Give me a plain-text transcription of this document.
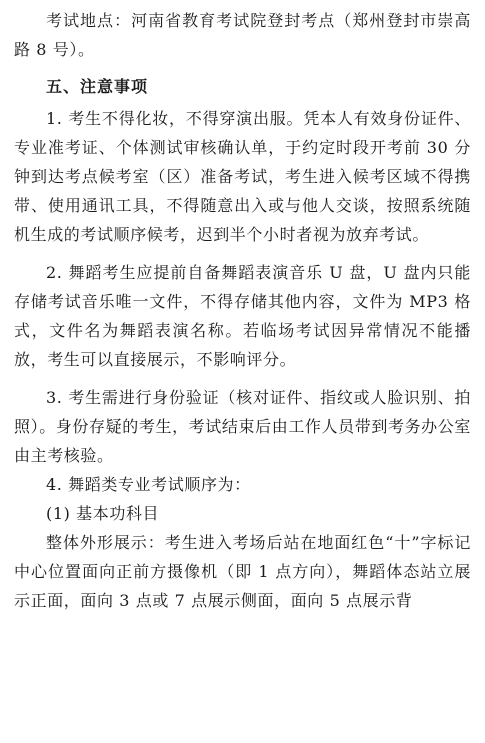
考试地点：河南省教育考试院登封考点（郑州登封市崇高路 8 号）。

五、注意事项

1. 考生不得化妆，不得穿演出服。凭本人有效身份证件、专业准考证、个体测试审核确认单，于约定时段开考前 30 分钟到达考点候考室（区）准备考试，考生进入候考区域不得携带、使用通讯工具，不得随意出入或与他人交谈，按照系统随机生成的考试顺序候考，迟到半个小时者视为放弃考试。

2. 舞蹈考生应提前自备舞蹈表演音乐 U 盘，U 盘内只能存储考试音乐唯一文件，不得存储其他内容，文件为 MP3 格式，文件名为舞蹈表演名称。若临场考试因异常情况不能播放，考生可以直接展示，不影响评分。

3. 考生需进行身份验证（核对证件、指纹或人脸识别、拍照）。身份存疑的考生，考试结束后由工作人员带到考务办公室由主考核验。

4. 舞蹈类专业考试顺序为：

(1) 基本功科目

整体外形展示：考生进入考场后站在地面红色“十”字标记中心位置面向正前方摄像机（即 1 点方向），舞蹈体态站立展示正面，面向 3 点或 7 点展示侧面，面向 5 点展示背
